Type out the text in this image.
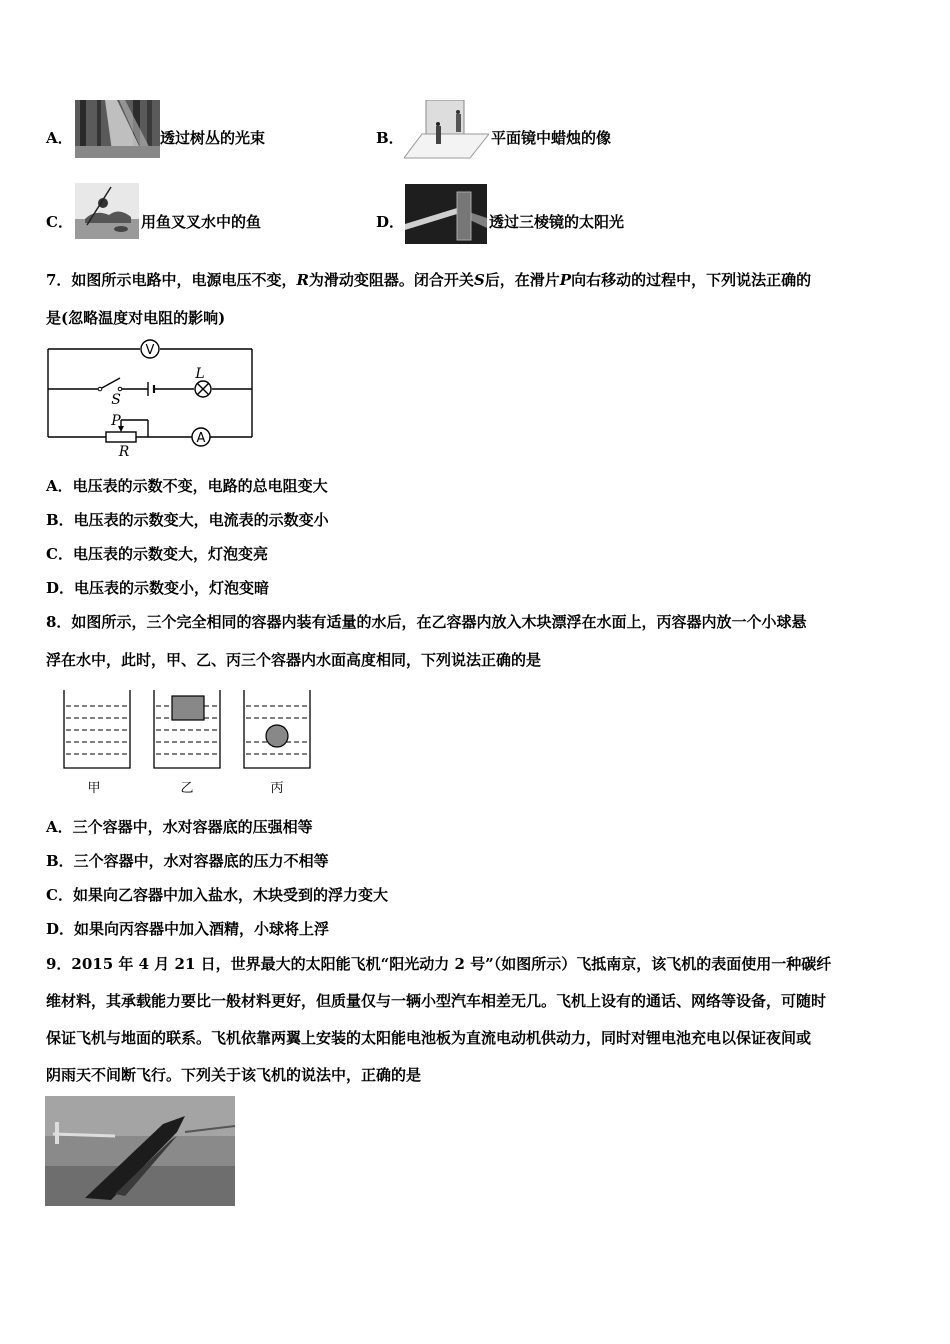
A．	透过树丛的光束	B．	平面镜中蜡烛的像
C．	用鱼叉叉水中的鱼	D．	透过三棱镜的太阳光
7．如图所示电路中，电源电压不变，R为滑动变阻器。闭合开关S后，在滑片P向右移动的过程中，下列说法正确的
是(忽略温度对电阻的影响)
V
A
L
S
P
R
A．电压表的示数不变，电路的总电阻变大
B．电压表的示数变大，电流表的示数变小
C．电压表的示数变大，灯泡变亮
D．电压表的示数变小，灯泡变暗
8．如图所示，三个完全相同的容器内装有适量的水后，在乙容器内放入木块漂浮在水面上，丙容器内放一个小球悬
浮在水中，此时，甲、乙、丙三个容器内水面高度相同，下列说法正确的是
甲	乙	丙
A．三个容器中，水对容器底的压强相等
B．三个容器中，水对容器底的压力不相等
C．如果向乙容器中加入盐水，木块受到的浮力变大
D．如果向丙容器中加入酒精，小球将上浮
9．2015 年 4 月 21 日，世界最大的太阳能飞机“阳光动力 2 号”（如图所示）飞抵南京，该飞机的表面使用一种碳纤
维材料，其承载能力要比一般材料更好，但质量仅与一辆小型汽车相差无几。飞机上设有的通话、网络等设备，可随时
保证飞机与地面的联系。飞机依靠两翼上安装的太阳能电池板为直流电动机供动力，同时对锂电池充电以保证夜间或
阴雨天不间断飞行。下列关于该飞机的说法中，正确的是
